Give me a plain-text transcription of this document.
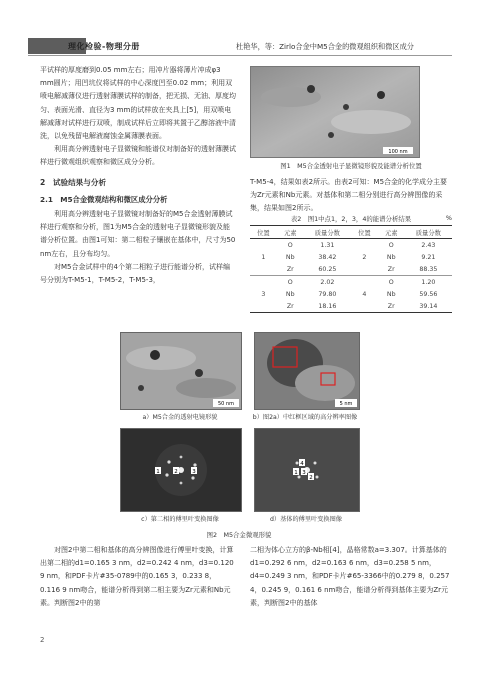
理化检验-物理分册	杜艳华，等：Zirlo合金中M5合金的微观组织和微区成分

平试样的厚度磨到0.05 mm左右；用冲片器将薄片冲成φ3 mm圆片；用凹坑仪将试样的中心深度凹至0.02 mm；利用双喷电解减薄仪进行透射薄膜试样的制备，把无损、无油、厚度均匀、表面光滑、直径为3 mm的试样放在夹具上[5]，用双喷电解减薄对试样进行双喷，制成试样后立即将其置于乙醇溶液中清洗，以免残留电解液腐蚀金属薄膜表面。

利用高分辨透射电子显微镜和能谱仪对制备好的透射薄膜试样进行微观组织观察和微区成分分析。

2　试验结果与分析
2.1　M5合金微观结构和微区成分分析

利用高分辨透射电子显微镜对制备好的M5合金透射薄膜试样进行观察和分析，图1为M5合金的透射电子显微镜形貌及能谱分析位置。由图1可知：第二相粒子镶嵌在基体中，尺寸为50 nm左右，且分布均匀。

对M5合金试样中的4个第二相粒子进行能谱分析，试样编号分别为T-M5-1，T-M5-2，T-M5-3，

100 nm
图1　M5合金透射电子显微镜形貌及能谱分析位置

T-M5-4，结果如表2所示。由表2可知：M5合金的化学成分主要为Zr元素和Nb元素。对基体和第二相分别进行高分辨图像的采集，结果如图2所示。

表2　图1中点1，2，3，4的能谱分析结果	%
位置	元素	质量分数	位置	元素	质量分数
	O	1.31		O	2.43
1	Nb	38.42	2	Nb	9.21
	Zr	60.25		Zr	88.35
	O	2.02		O	1.20
3	Nb	79.80	4	Nb	59.56
	Zr	18.16		Zr	39.14
50 nm
a）M5合金的透射电镜形貌
5 nm
b）图2a）中红框区域的高分辨率图像
1	2	3
c）第二相的傅里叶变换图像
4
1 3
2
d）基体的傅里叶变换图像
图2　M5合金微观形貌

对图2中第二相和基体的高分辨图像进行傅里叶变换，计算出第二相的d1=0.165 3 nm，d2=0.242 4 nm，d3=0.120 9 nm，和PDF卡片#35-0789中的0.165 3，0.233 8，0.116 9 nm吻合，能谱分析得到第二相主要为Zr元素和Nb元素。判断图2中的第

二相为体心立方的β-Nb相[4]，晶格常数a=3.307。计算基体的d1=0.292 6 nm，d2=0.163 6 nm，d3=0.258 5 nm，d4=0.249 3 nm，和PDF卡片#65-3366中的0.279 8，0.257 4，0.245 9，0.161 6 nm吻合，能谱分析得到基体主要为Zr元素，判断图2中的基体

2
